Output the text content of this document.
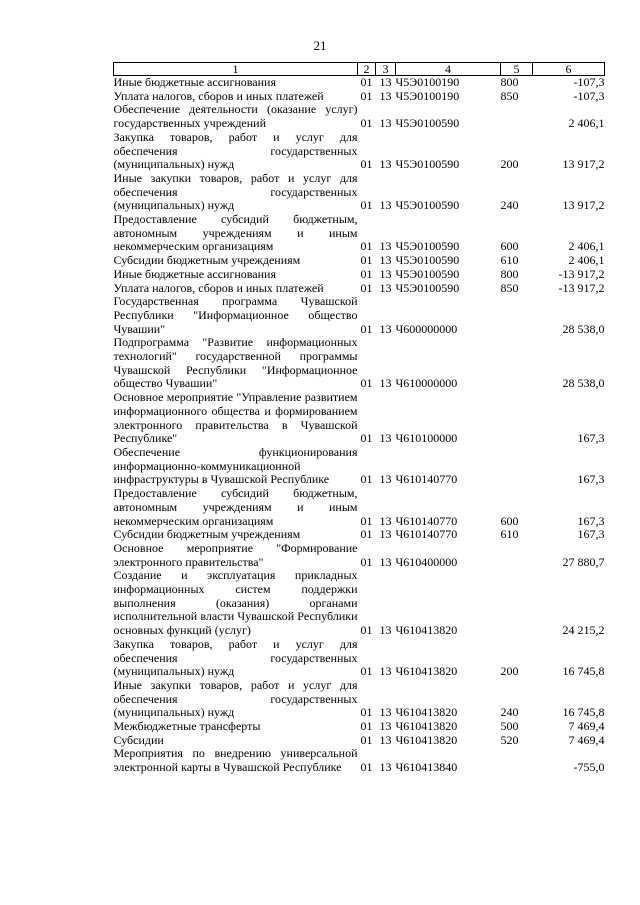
21
1	2	3	4	5	6
Иные бюджетные ассигнования	01	13	Ч5Э0100190	800	-107,3
Уплата налогов, сборов и иных платежей	01	13	Ч5Э0100190	850	-107,3
Обеспечение деятельности (оказание услуг) государственных учреждений	01	13	Ч5Э0100590		2 406,1
Закупка товаров, работ и услуг для обеспечения государственных (муниципальных) нужд	01	13	Ч5Э0100590	200	13 917,2
Иные закупки товаров, работ и услуг для обеспечения государственных (муниципальных) нужд	01	13	Ч5Э0100590	240	13 917,2
Предоставление субсидий бюджетным, автономным учреждениям и иным некоммерческим организациям	01	13	Ч5Э0100590	600	2 406,1
Субсидии бюджетным учреждениям	01	13	Ч5Э0100590	610	2 406,1
Иные бюджетные ассигнования	01	13	Ч5Э0100590	800	-13 917,2
Уплата налогов, сборов и иных платежей	01	13	Ч5Э0100590	850	-13 917,2
Государственная программа Чувашской Республики "Информационное общество Чувашии"	01	13	Ч600000000		28 538,0
Подпрограмма "Развитие информационных технологий" государственной программы Чувашской Республики "Информационное общество Чувашии"	01	13	Ч610000000		28 538,0
Основное мероприятие "Управление развитием информационного общества и формированием электронного правительства в Чувашской Республике"	01	13	Ч610100000		167,3
Обеспечение функционирования информационно-коммуникационной инфраструктуры в Чувашской Республике	01	13	Ч610140770		167,3
Предоставление субсидий бюджетным, автономным учреждениям и иным некоммерческим организациям	01	13	Ч610140770	600	167,3
Субсидии бюджетным учреждениям	01	13	Ч610140770	610	167,3
Основное мероприятие "Формирование электронного правительства"	01	13	Ч610400000		27 880,7
Создание и эксплуатация прикладных информационных систем поддержки выполнения (оказания) органами исполнительной власти Чувашской Республики основных функций (услуг)	01	13	Ч610413820		24 215,2
Закупка товаров, работ и услуг для обеспечения государственных (муниципальных) нужд	01	13	Ч610413820	200	16 745,8
Иные закупки товаров, работ и услуг для обеспечения государственных (муниципальных) нужд	01	13	Ч610413820	240	16 745,8
Межбюджетные трансферты	01	13	Ч610413820	500	7 469,4
Субсидии	01	13	Ч610413820	520	7 469,4
Мероприятия по внедрению универсальной электронной карты в Чувашской Республике	01	13	Ч610413840		-755,0
